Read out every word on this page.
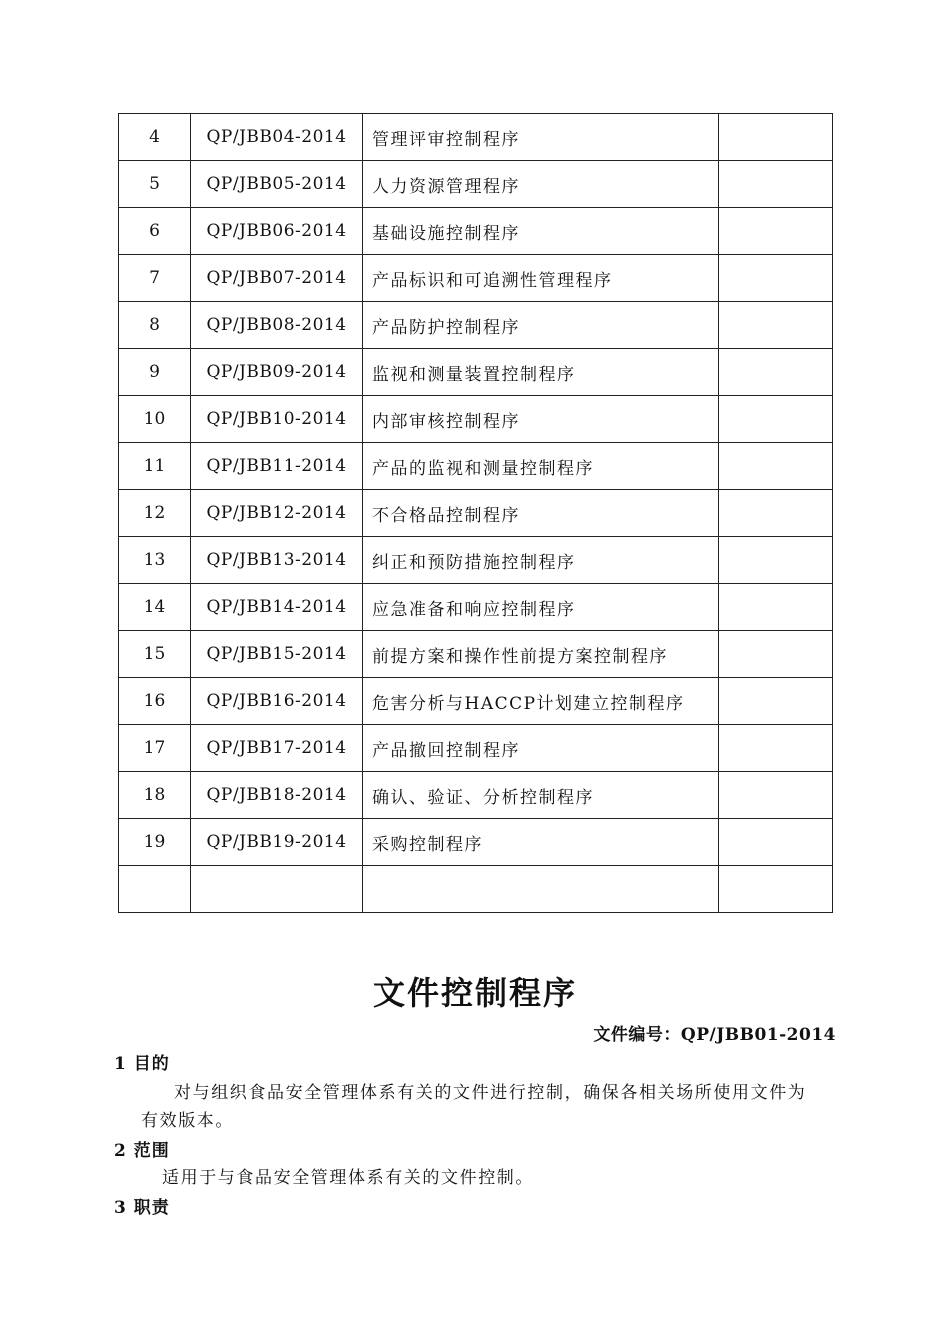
4	QP/JBB04-2014	管理评审控制程序	
5	QP/JBB05-2014	人力资源管理程序	
6	QP/JBB06-2014	基础设施控制程序	
7	QP/JBB07-2014	产品标识和可追溯性管理程序	
8	QP/JBB08-2014	产品防护控制程序	
9	QP/JBB09-2014	监视和测量装置控制程序	
10	QP/JBB10-2014	内部审核控制程序	
11	QP/JBB11-2014	产品的监视和测量控制程序	
12	QP/JBB12-2014	不合格品控制程序	
13	QP/JBB13-2014	纠正和预防措施控制程序	
14	QP/JBB14-2014	应急准备和响应控制程序	
15	QP/JBB15-2014	前提方案和操作性前提方案控制程序	
16	QP/JBB16-2014	危害分析与HACCP计划建立控制程序	
17	QP/JBB17-2014	产品撤回控制程序	
18	QP/JBB18-2014	确认、验证、分析控制程序	
19	QP/JBB19-2014	采购控制程序	

文件控制程序
文件编号：QP/JBB01-2014
1 目的
对与组织食品安全管理体系有关的文件进行控制，确保各相关场所使用文件为
有效版本。
2 范围
适用于与食品安全管理体系有关的文件控制。
3 职责
